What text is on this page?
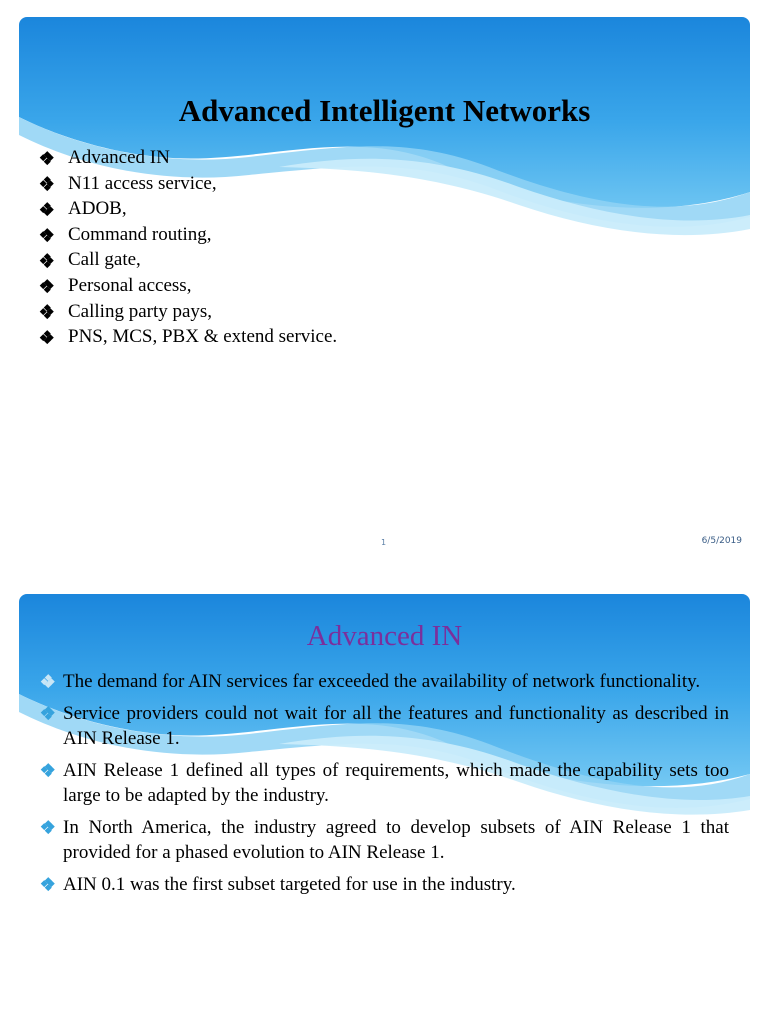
Advanced Intelligent Networks
Advanced IN
N11 access service,
ADOB,
Command routing,
Call gate,
Personal access,
Calling party pays,
PNS, MCS, PBX & extend service.
1	6/5/2019
Advanced IN
The demand for AIN services far exceeded the availability of network functionality.
Service providers could not wait for all the features and functionality as described in AIN Release 1.
AIN Release 1 defined all types of requirements, which made the capability sets too large to be adapted by the industry.
In North America, the industry agreed to develop subsets of AIN Release 1 that provided for a phased evolution to AIN Release 1.
AIN 0.1 was the first subset targeted for use in the industry.
